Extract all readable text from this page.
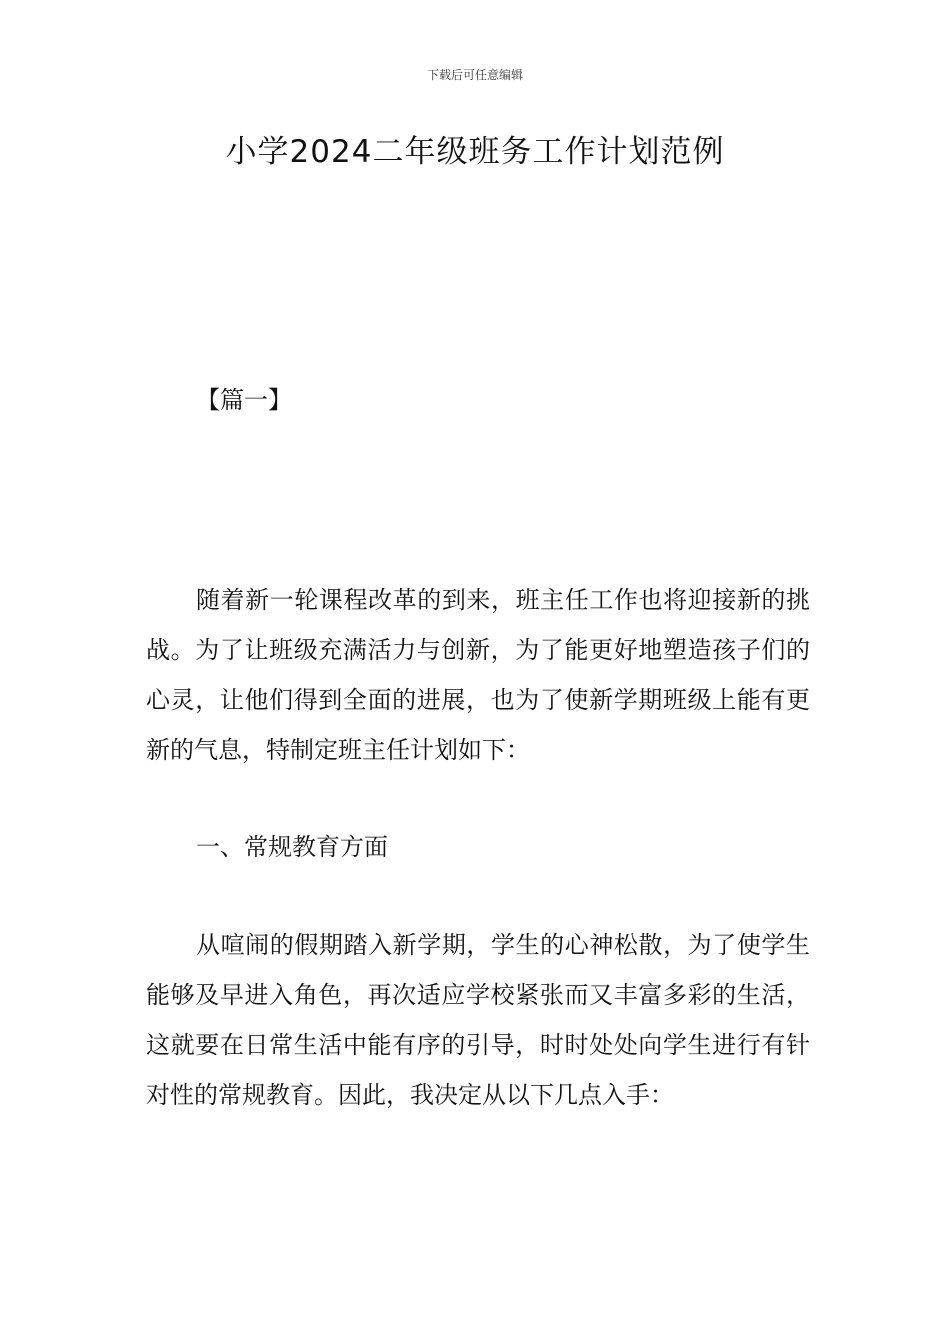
下载后可任意编辑
小学2024二年级班务工作计划范例
【篇一】

随着新一轮课程改革的到来，班主任工作也将迎接新的挑战。为了让班级充满活力与创新，为了能更好地塑造孩子们的心灵，让他们得到全面的进展，也为了使新学期班级上能有更新的气息，特制定班主任计划如下：

一、常规教育方面

从喧闹的假期踏入新学期，学生的心神松散，为了使学生能够及早进入角色，再次适应学校紧张而又丰富多彩的生活，这就要在日常生活中能有序的引导，时时处处向学生进行有针对性的常规教育。因此，我决定从以下几点入手：
